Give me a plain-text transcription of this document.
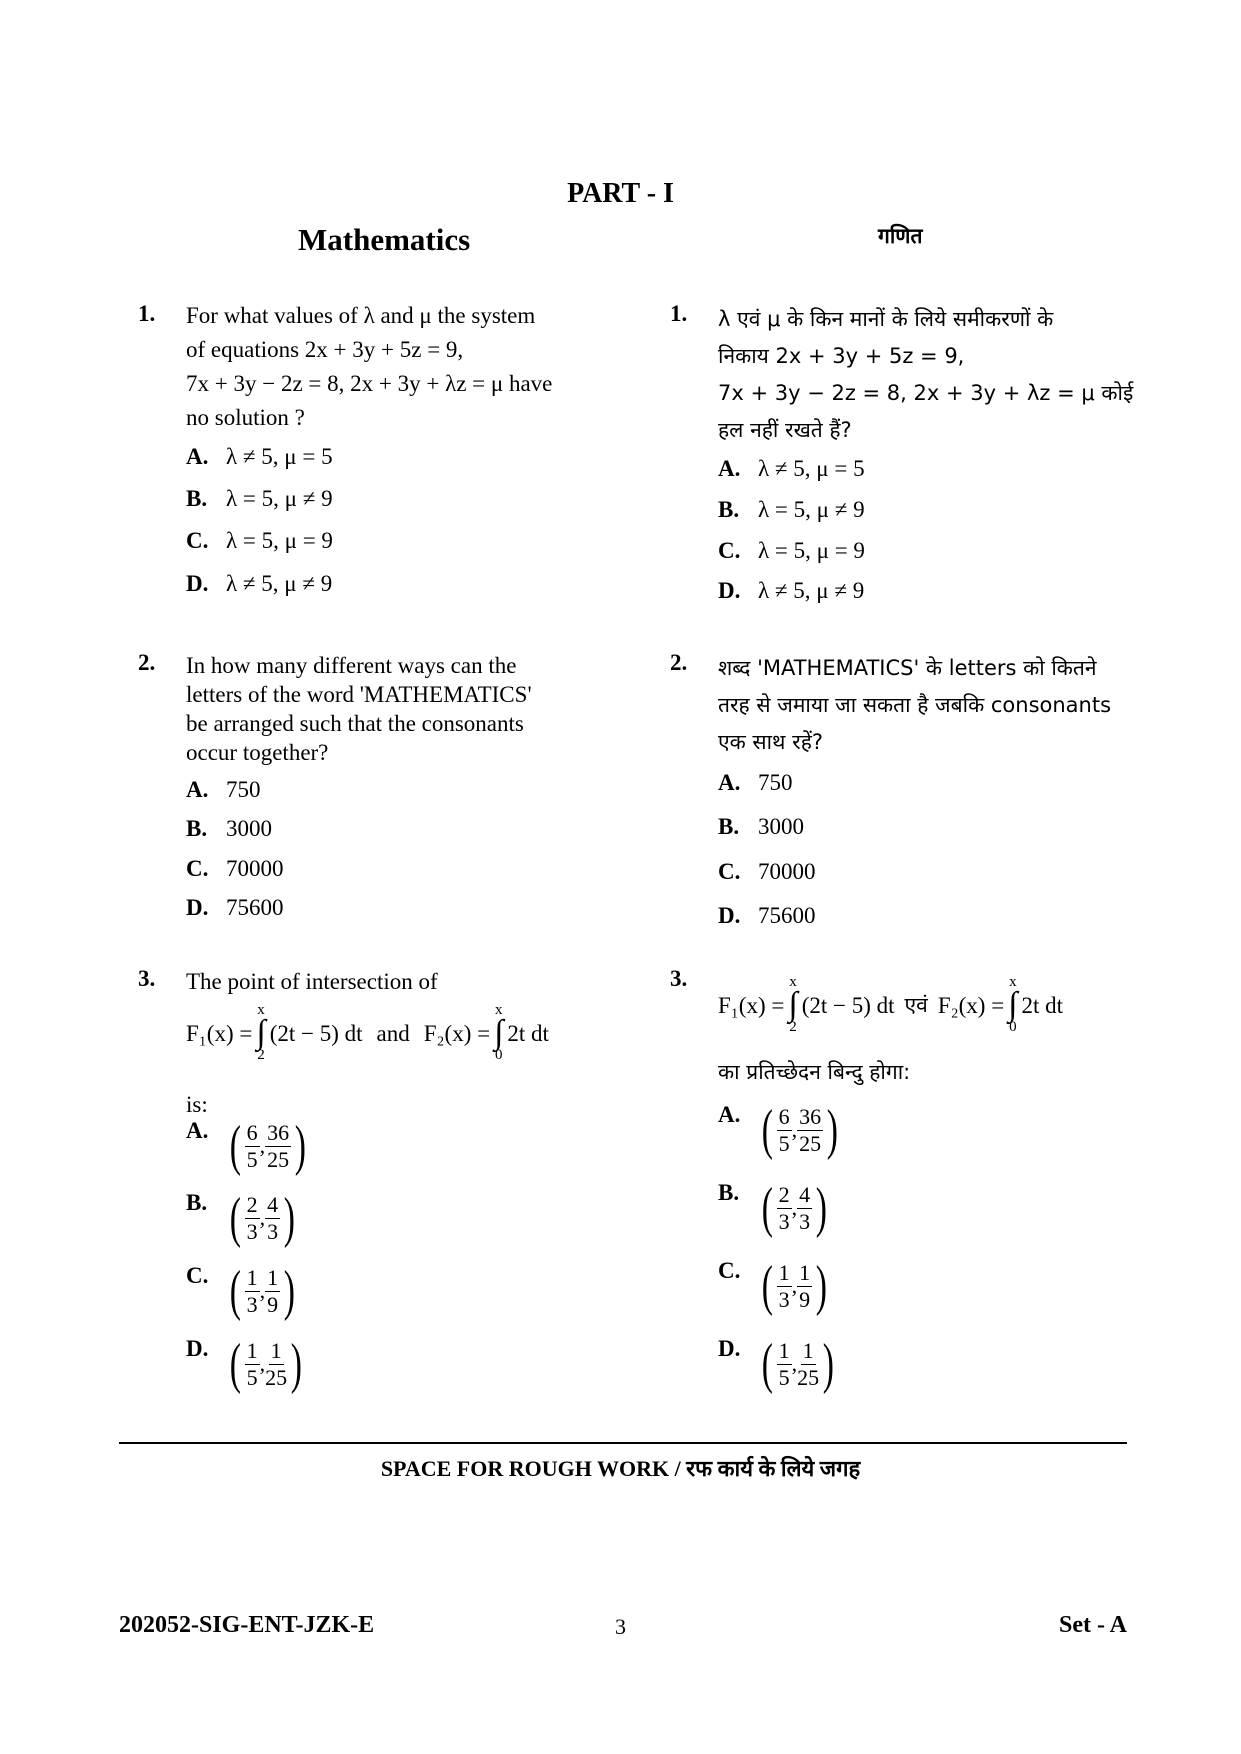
PART - I
Mathematics	गणित
1. For what values of λ and μ the system
of equations 2x + 3y + 5z = 9,
7x + 3y − 2z = 8, 2x + 3y + λz = μ have
no solution ?
A. λ ≠ 5, μ = 5
B. λ = 5, μ ≠ 9
C. λ = 5, μ = 9
D. λ ≠ 5, μ ≠ 9
2. In how many different ways can the
letters of the word 'MATHEMATICS'
be arranged such that the consonants
occur together?
A. 750
B. 3000
C. 70000
D. 75600
3. The point of intersection of
F₁(x) =
x
∫
2
(2t − 5) dt and F₂(x) =
x
∫
0
2t dt
is:
A. ( $\frac{6}{5}$ , $\frac{36}{25}$ )
B. ( $\frac{2}{3}$ , $\frac{4}{3}$ )
C. ( $\frac{1}{3}$ , $\frac{1}{9}$ )
D. ( $\frac{1}{5}$ , $\frac{1}{25}$ )
1. λ एवं μ के किन मानों के लिये समीकरणों के
निकाय 2x + 3y + 5z = 9,
7x + 3y − 2z = 8, 2x + 3y + λz = μ कोई
हल नहीं रखते हैं?
A. λ ≠ 5, μ = 5
B. λ = 5, μ ≠ 9
C. λ = 5, μ = 9
D. λ ≠ 5, μ ≠ 9
2. शब्द 'MATHEMATICS' के letters को कितने
तरह से जमाया जा सकता है जबकि consonants
एक साथ रहें?
A. 750
B. 3000
C. 70000
D. 75600
3.
F₁(x) =
x
∫
2
(2t − 5) dt एवं F₂(x) =
x
∫
0
2t dt
का प्रतिच्छेदन बिन्दु होगा:
A. ( $\frac{6}{5}$ , $\frac{36}{25}$ )
B. ( $\frac{2}{3}$ , $\frac{4}{3}$ )
C. ( $\frac{1}{3}$ , $\frac{1}{9}$ )
D. ( $\frac{1}{5}$ , $\frac{1}{25}$ )
SPACE FOR ROUGH WORK / रफ कार्य के लिये जगह
202052-SIG-ENT-JZK-E	3	Set - A
